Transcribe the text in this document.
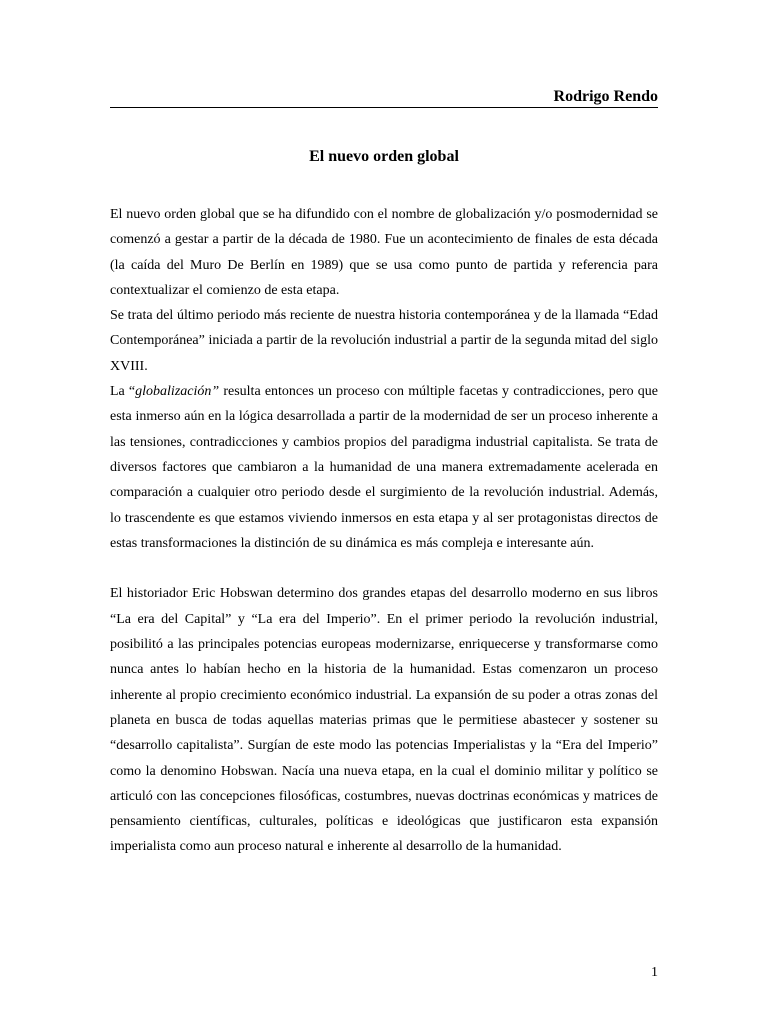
Rodrigo Rendo
El nuevo orden global

El nuevo orden global que se ha difundido con el nombre de globalización y/o posmodernidad se comenzó a gestar a partir de la década de 1980. Fue un acontecimiento de finales de esta década (la caída del Muro De Berlín en 1989) que se usa como punto de partida y referencia para contextualizar el comienzo de esta etapa.

Se trata del último periodo más reciente de nuestra historia contemporánea y de la llamada “Edad Contemporánea” iniciada a partir de la revolución industrial a partir de la segunda mitad del siglo XVIII.

La “globalización” resulta entonces un proceso con múltiple facetas y contradicciones, pero que esta inmerso aún en la lógica desarrollada a partir de la modernidad de ser un proceso inherente a las tensiones, contradicciones y cambios propios del paradigma industrial capitalista. Se trata de diversos factores que cambiaron a la humanidad de una manera extremadamente acelerada en comparación a cualquier otro periodo desde el surgimiento de la revolución industrial. Además, lo trascendente es que estamos viviendo inmersos en esta etapa y al ser protagonistas directos de estas transformaciones la distinción de su dinámica es más compleja e interesante aún.

El historiador Eric Hobswan determino dos grandes etapas del desarrollo moderno en sus libros “La era del Capital” y “La era del Imperio”. En el primer periodo la revolución industrial, posibilitó a las principales potencias europeas modernizarse, enriquecerse y transformarse como nunca antes lo habían hecho en la historia de la humanidad. Estas comenzaron un proceso inherente al propio crecimiento económico industrial. La expansión de su poder a otras zonas del planeta en busca de todas aquellas materias primas que le permitiese abastecer y sostener su “desarrollo capitalista”. Surgían de este modo las potencias Imperialistas y la “Era del Imperio” como la denomino Hobswan. Nacía una nueva etapa, en la cual el dominio militar y político se articuló con las concepciones filosóficas, costumbres, nuevas doctrinas económicas y matrices de pensamiento científicas, culturales, políticas e ideológicas que justificaron esta expansión imperialista como aun proceso natural e inherente al desarrollo de la humanidad.

1
